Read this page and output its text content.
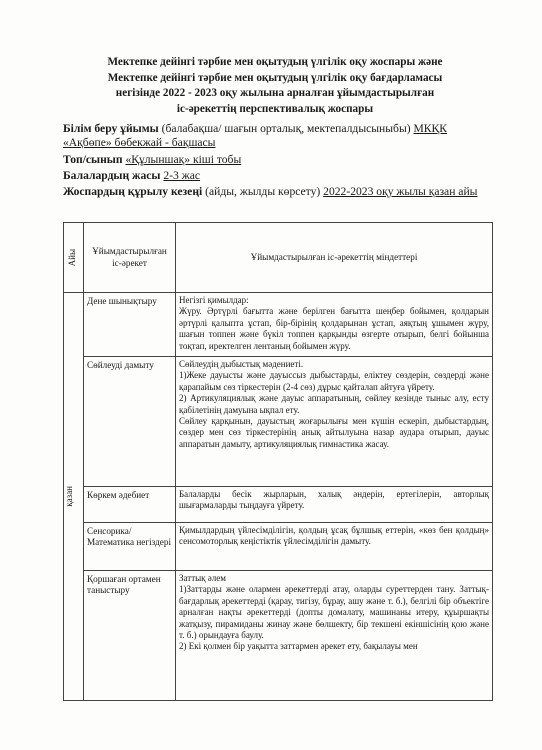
Мектепке дейінгі тәрбие мен оқытудың үлгілік оқу жоспары және
Мектепке дейінгі тәрбие мен оқытудың үлгілік оқу бағдарламасы
негізінде 2022 - 2023 оқу жылына арналған ұйымдастырылған
іс-әрекеттің перспективалық жоспары
Білім беру ұйымы (балабақша/ шағын орталық, мектепалдысыныбы) МКҚК «Ақбөпе» бөбекжай - бақшасы
Топ/сынып «Құлыншақ» кіші тобы
Балалардың жасы 2-3 жас
Жоспардың құрылу кезеңі (айды, жылды көрсету) 2022-2023 оқу жылы қазан айы
Айы	Ұйымдастырылған іс-әрекет	Ұйымдастырылған іс-әрекеттің міндеттері

қазан	Дене шынықтыру	Негізгі қимылдар:

Жүру. Әртүрлі бағытта және берілген бағытта шеңбер бойымен, қолдарын әртүрлі қалыпта ұстап, бір-бірінің қолдарынан ұстап, аяқтың ұшымен жүру, шағын топпен және бүкіл топпен қарқынды өзгерте отырып, белгі бойынша тоқтап, иректелген лентаның бойымен жүру.

	Сөйлеуді дамыту	Сөйлеудің дыбыстық мәдениеті.

1)Жеке дауысты және дауыссыз дыбыстарды, еліктеу сөздерін, сөздерді және қарапайым сөз тіркестерін (2-4 сөз) дұрыс қайталап айтуға үйрету.

2) Артикуляциялық және дауыс аппаратының, сөйлеу кезінде тыныс алу, есту қабілетінің дамуына ықпал ету.

Сөйлеу қарқынын, дауыстың жоғарылығы мен күшін ескеріп, дыбыстардың, сөздер мен сөз тіркестерінің анық айтылуына назар аудара отырып, дауыс аппаратын дамыту, артикуляциялық гимнастика жасау.

	Көркем әдебиет	Балаларды бесік жырларын, халық әндерін, ертегілерін, авторлық шығармаларды тыңдауға үйрету.

	Сенсорика/ Математика негіздері	Қимылдардың үйлесімділігін, қолдың ұсақ бұлшық еттерін, «көз бен қолдың» сенсомоторлық кеңістіктік үйлесімділігін дамыту.

	Қоршаған ортамен таныстыру	Заттық әлем

1)Заттарды және олармен әрекеттерді атау, оларды суреттерден тану. Заттық-бағдарлық әрекеттерді (қарау, тигізу, бұрау, ашу және т. б.), белгілі бір объектіге арналған нақты әрекеттерді (допты домалату, машинаны итеру, құыршақты жатқызу, пирамиданы жинау және бөлшекту, бір текшені екіншісінің қою және т. б.) орындауға баулу.

2) Екі қолмен бір уақытта заттармен әрекет ету, бақылауы мен
